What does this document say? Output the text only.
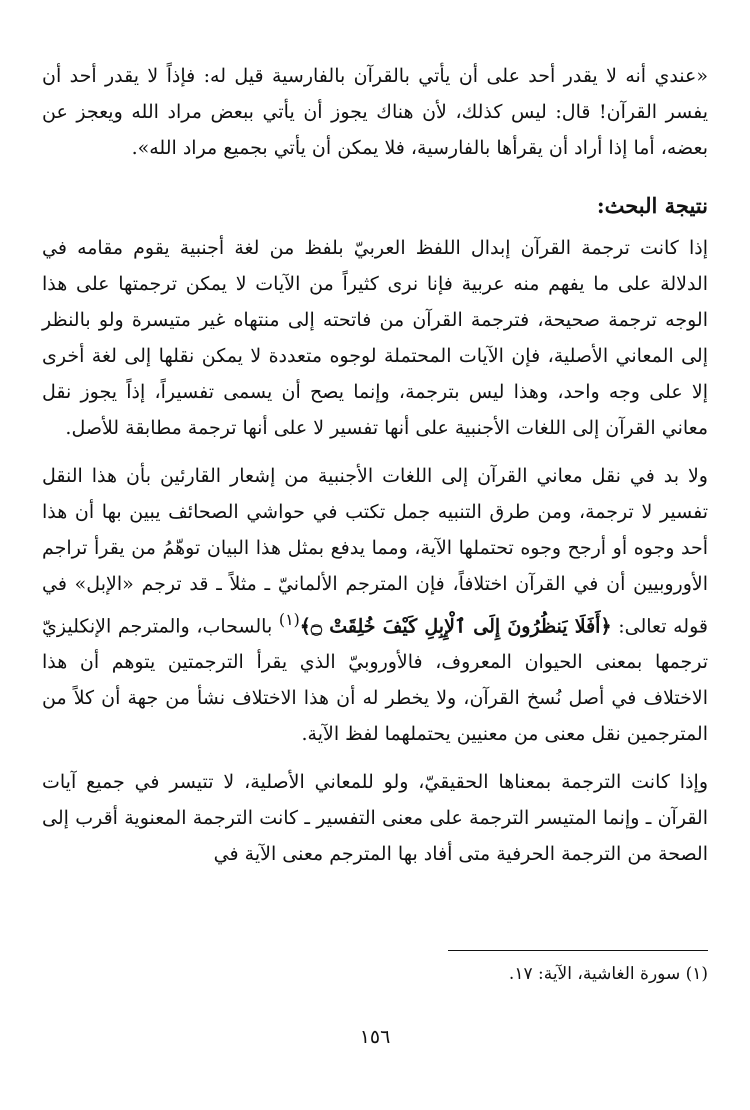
«عندي أنه لا يقدر أحد على أن يأتي بالقرآن بالفارسية قيل له: فإذاً لا يقدر أحد أن يفسر القرآن! قال: ليس كذلك، لأن هناك يجوز أن يأتي ببعض مراد الله ويعجز عن بعضه، أما إذا أراد أن يقرأها بالفارسية، فلا يمكن أن يأتي بجميع مراد الله».

نتيجة البحث:

إذا كانت ترجمة القرآن إبدال اللفظ العربيّ بلفظ من لغة أجنبية يقوم مقامه في الدلالة على ما يفهم منه عربية فإنا نرى كثيراً من الآيات لا يمكن ترجمتها على هذا الوجه ترجمة صحيحة، فترجمة القرآن من فاتحته إلى منتهاه غير متيسرة ولو بالنظر إلى المعاني الأصلية، فإن الآيات المحتملة لوجوه متعددة لا يمكن نقلها إلى لغة أخرى إلا على وجه واحد، وهذا ليس بترجمة، وإنما يصح أن يسمى تفسيراً، إذاً يجوز نقل معاني القرآن إلى اللغات الأجنبية على أنها تفسير لا على أنها ترجمة مطابقة للأصل.

ولا بد في نقل معاني القرآن إلى اللغات الأجنبية من إشعار القارئين بأن هذا النقل تفسير لا ترجمة، ومن طرق التنبيه جمل تكتب في حواشي الصحائف يبين بها أن هذا أحد وجوه أو أرجح وجوه تحتملها الآية، ومما يدفع بمثل هذا البيان توهّمُ من يقرأ تراجم الأوروبيين أن في القرآن اختلافاً، فإن المترجم الألمانيّ ـ مثلاً ـ قد ترجم «الإبل» في قوله تعالى: ﴿أَفَلَا يَنظُرُونَ إِلَى ٱلْإِبِلِ كَيْفَ خُلِقَتْ ۝﴾$^{(١)}$ بالسحاب، والمترجم الإنكليزيّ ترجمها بمعنى الحيوان المعروف، فالأوروبيّ الذي يقرأ الترجمتين يتوهم أن هذا الاختلاف في أصل نُسخ القرآن، ولا يخطر له أن هذا الاختلاف نشأ من جهة أن كلاً من المترجمين نقل معنى من معنيين يحتملهما لفظ الآية.

وإذا كانت الترجمة بمعناها الحقيقيّ، ولو للمعاني الأصلية، لا تتيسر في جميع آيات القرآن ـ وإنما المتيسر الترجمة على معنى التفسير ـ كانت الترجمة المعنوية أقرب إلى الصحة من الترجمة الحرفية متى أفاد بها المترجم معنى الآية في

(١) سورة الغاشية، الآية: ١٧.
١٥٦
